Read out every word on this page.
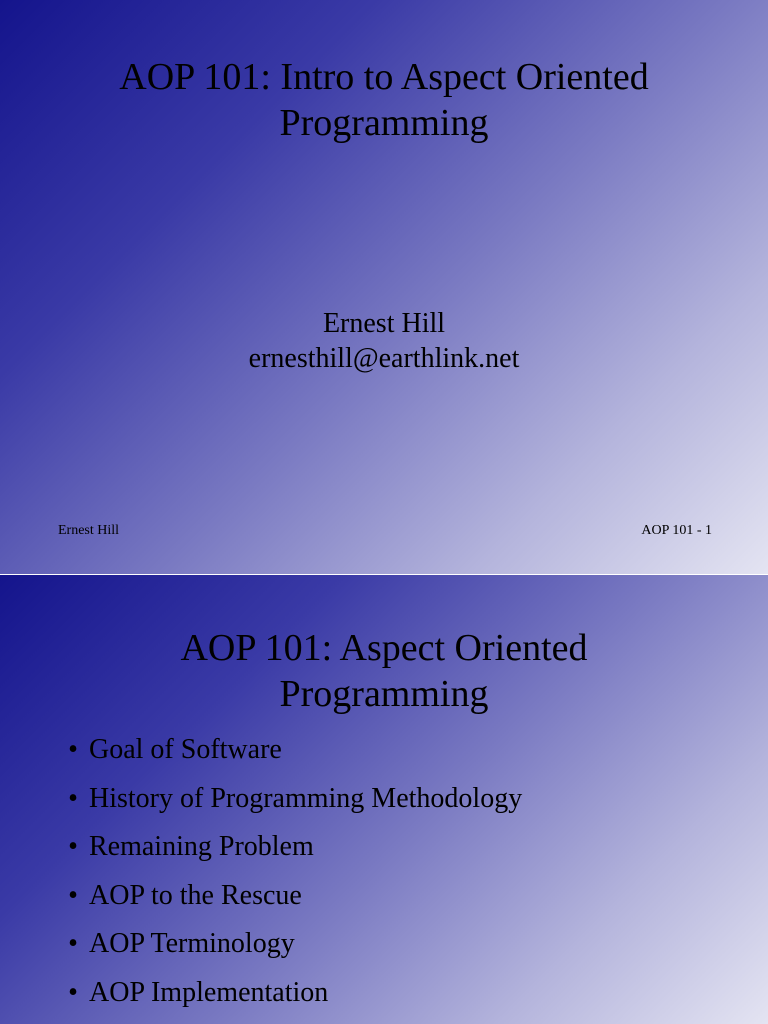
AOP 101: Intro to Aspect Oriented
Programming
Ernest Hill
ernesthill@earthlink.net
Ernest Hill	AOP 101 - 1
AOP 101: Aspect Oriented
Programming
• Goal of Software
• History of Programming Methodology
• Remaining Problem
• AOP to the Rescue
• AOP Terminology
• AOP Implementation
